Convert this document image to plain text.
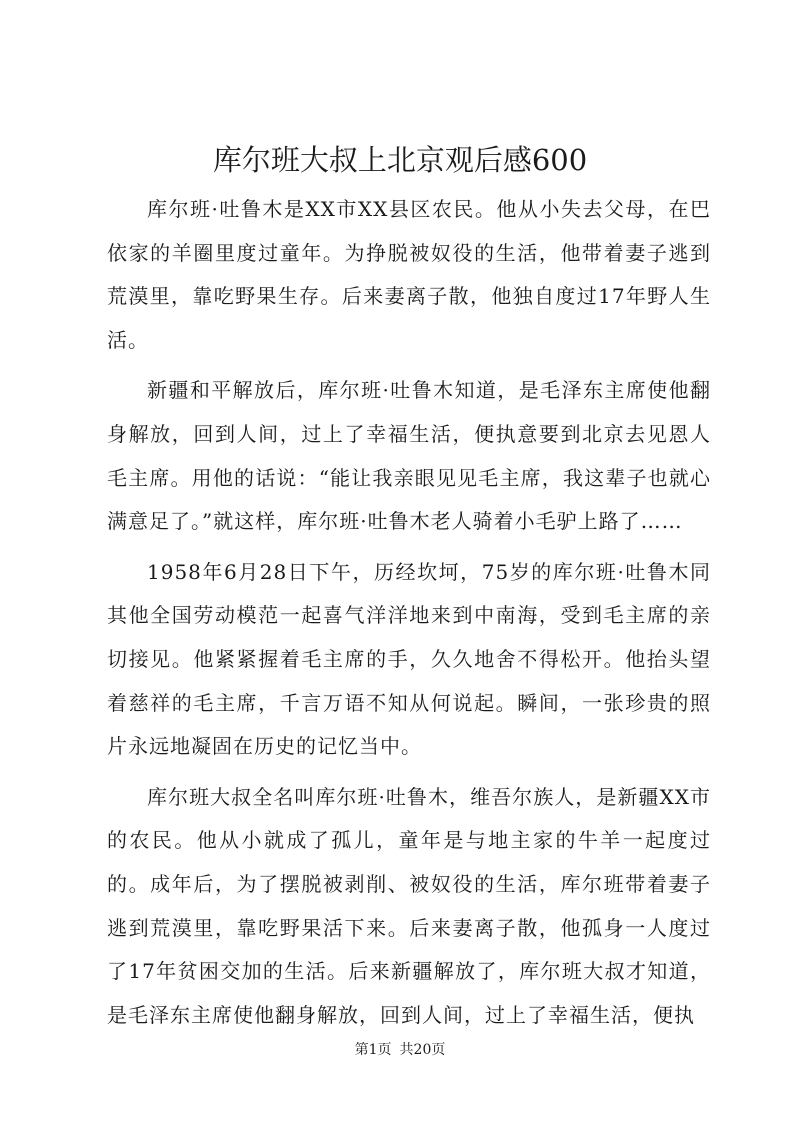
库尔班大叔上北京观后感600

库尔班·吐鲁木是XX市XX县区农民。他从小失去父母，在巴依家的羊圈里度过童年。为挣脱被奴役的生活，他带着妻子逃到荒漠里，靠吃野果生存。后来妻离子散，他独自度过17年野人生活。

新疆和平解放后，库尔班·吐鲁木知道，是毛泽东主席使他翻身解放，回到人间，过上了幸福生活，便执意要到北京去见恩人毛主席。用他的话说：“能让我亲眼见见毛主席，我这辈子也就心满意足了。”就这样，库尔班·吐鲁木老人骑着小毛驴上路了……

1958年6月28日下午，历经坎坷，75岁的库尔班·吐鲁木同其他全国劳动模范一起喜气洋洋地来到中南海，受到毛主席的亲切接见。他紧紧握着毛主席的手，久久地舍不得松开。他抬头望着慈祥的毛主席，千言万语不知从何说起。瞬间，一张珍贵的照片永远地凝固在历史的记忆当中。

库尔班大叔全名叫库尔班·吐鲁木，维吾尔族人，是新疆XX市的农民。他从小就成了孤儿，童年是与地主家的牛羊一起度过的。成年后，为了摆脱被剥削、被奴役的生活，库尔班带着妻子逃到荒漠里，靠吃野果活下来。后来妻离子散，他孤身一人度过了17年贫困交加的生活。后来新疆解放了，库尔班大叔才知道，是毛泽东主席使他翻身解放，回到人间，过上了幸福生活，便执

第1页 共20页
